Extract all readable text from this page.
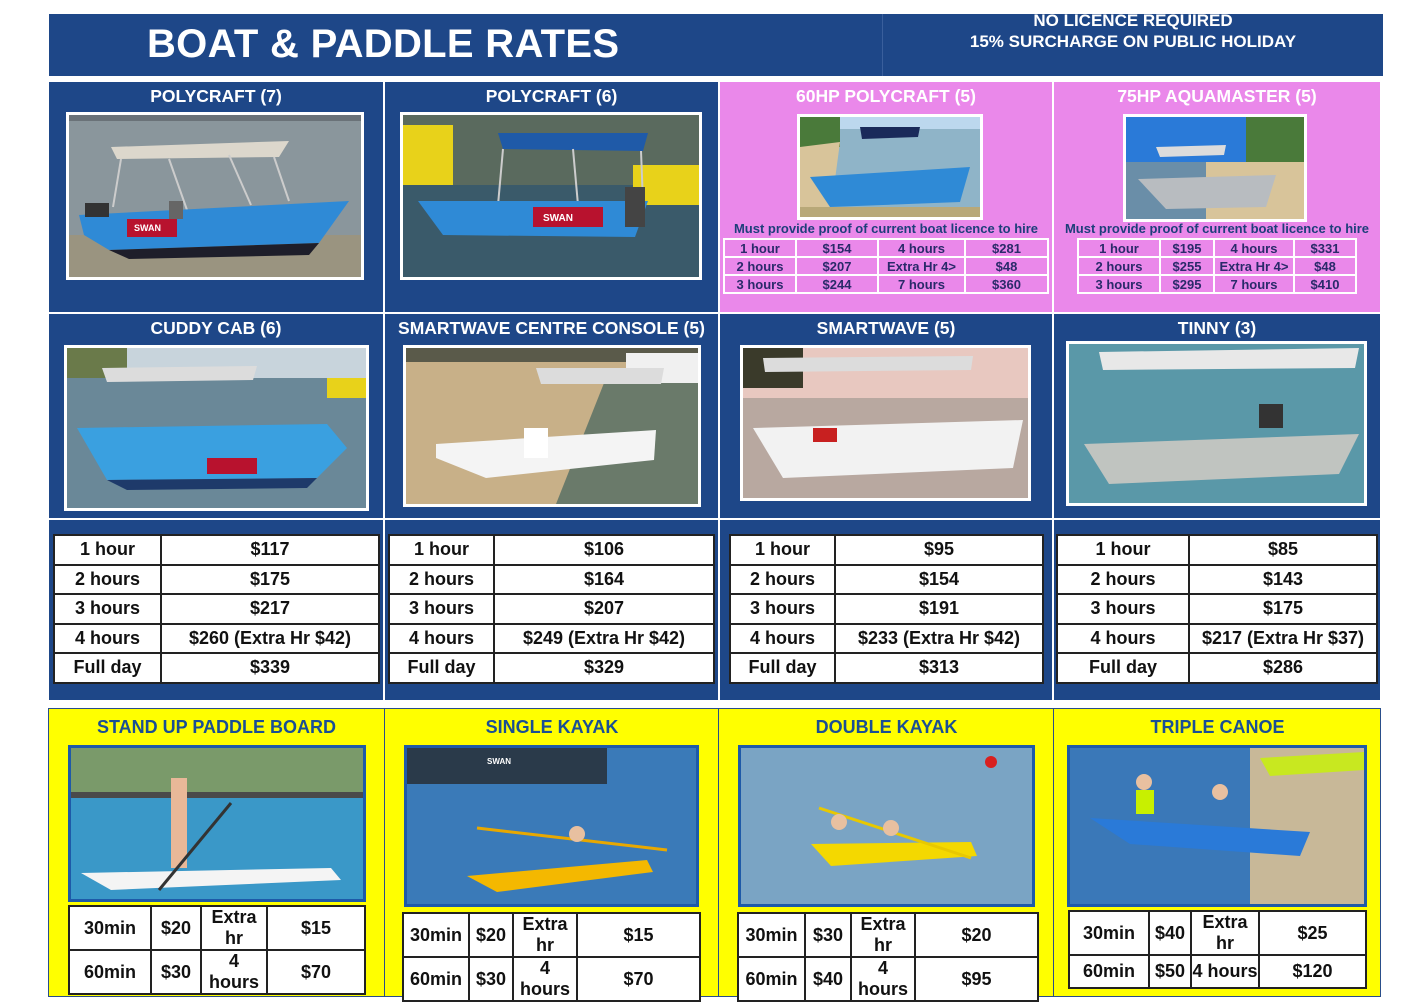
BOAT & PADDLE RATES
NO LICENCE REQUIRED
15% SURCHARGE ON PUBLIC HOLIDAY
POLYCRAFT (7)
SWAN
POLYCRAFT (6)
SWAN
60HP POLYCRAFT (5)
Must provide proof of current boat licence to hire
1 hour	$154	4 hours	$281
2 hours	$207	Extra Hr 4>	$48
3 hours	$244	7 hours	$360
75HP AQUAMASTER (5)
Must provide proof of current boat licence to hire
1 hour	$195	4 hours	$331
2 hours	$255	Extra Hr 4>	$48
3 hours	$295	7 hours	$410
CUDDY CAB (6)	SMARTWAVE CENTRE CONSOLE (5)	SMARTWAVE (5)	TINNY (3)
1 hour	$117
2 hours	$175
3 hours	$217
4 hours	$260 (Extra Hr $42)
Full day	$339
1 hour	$106
2 hours	$164
3 hours	$207
4 hours	$249 (Extra Hr $42)
Full day	$329
1 hour	$95
2 hours	$154
3 hours	$191
4 hours	$233 (Extra Hr $42)
Full day	$313
1 hour	$85
2 hours	$143
3 hours	$175
4 hours	$217 (Extra Hr $37)
Full day	$286
STAND UP PADDLE BOARD
30min	$20	Extra hr	$15
60min	$30	4 hours	$70
SINGLE KAYAK
SWAN
30min	$20	Extra hr	$15
60min	$30	4 hours	$70
DOUBLE KAYAK
30min	$30	Extra hr	$20
60min	$40	4 hours	$95
TRIPLE CANOE
30min	$40	Extra hr	$25
60min	$50	4 hours	$120
